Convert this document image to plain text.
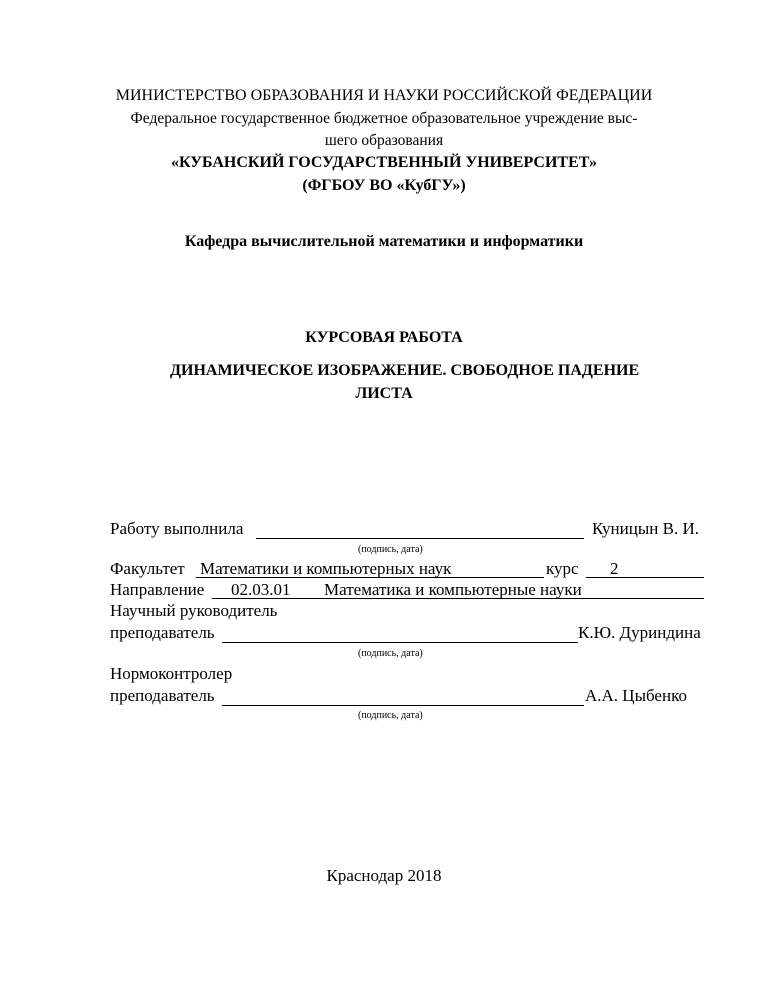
МИНИСТЕРСТВО ОБРАЗОВАНИЯ И НАУКИ РОССИЙСКОЙ ФЕДЕРАЦИИ
Федеральное государственное бюджетное образовательное учреждение выс-
шего образования
«КУБАНСКИЙ ГОСУДАРСТВЕННЫЙ УНИВЕРСИТЕТ»
(ФГБОУ ВО «КубГУ»)
Кафедра вычислительной математики и информатики
КУРСОВАЯ РАБОТА
ДИНАМИЧЕСКОЕ ИЗОБРАЖЕНИЕ. СВОБОДНОЕ ПАДЕНИЕ
ЛИСТА
Работу выполнила	Куницын В. И.
(подпись, дата)
Факультет Математики и компьютерных наук	курс 2
Направление 02.03.01 Математика и компьютерные науки
Научный руководитель
преподаватель	К.Ю. Дуриндина
(подпись, дата)
Нормоконтролер
преподаватель	А.А. Цыбенко
(подпись, дата)
Краснодар 2018
